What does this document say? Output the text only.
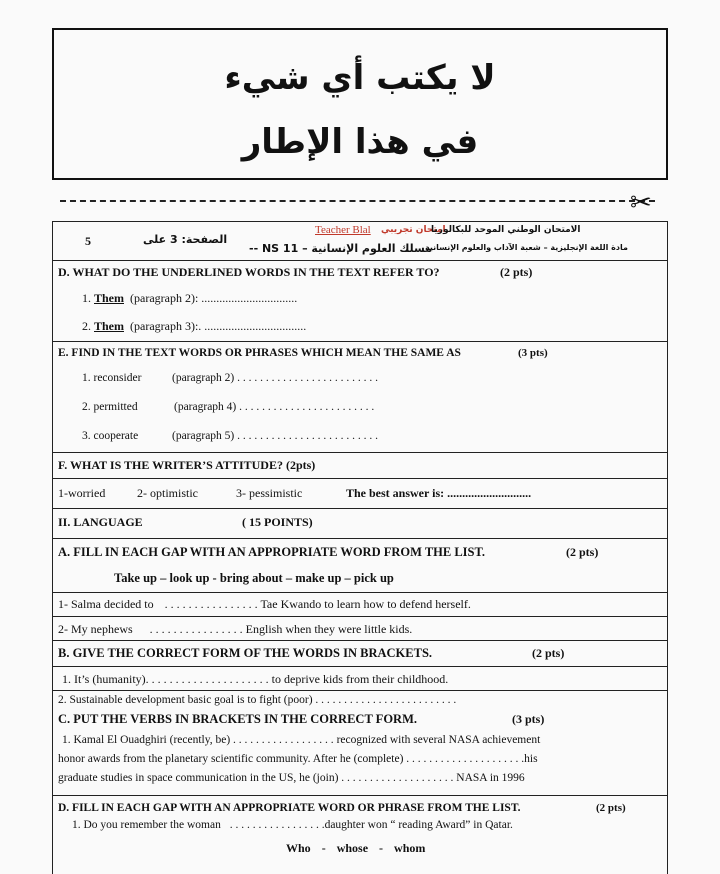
لا يكتب أي شيء
في هذا الإطار
✂
5	الصفحة: 3 على
Teacher Blal امتحان تجريبي
الامتحان الوطني الموحد للبكالوريا
مسلك العلوم الإنسانية – NS 11 --
مادة اللغة الإنجليزية – شعبة الآداب والعلوم الإنسانية
D. WHAT DO THE UNDERLINED WORDS IN THE TEXT REFER TO?	(2 pts)
1. Them (paragraph 2): ................................
2. Them (paragraph 3):. ..................................
E. FIND IN THE TEXT WORDS OR PHRASES WHICH MEAN THE SAME AS	(3 pts)
1. reconsider	(paragraph 2) . . . . . . . . . . . . . . . . . . . . . . . . .
2. permitted	(paragraph 4) . . . . . . . . . . . . . . . . . . . . . . . .
3. cooperate	(paragraph 5) . . . . . . . . . . . . . . . . . . . . . . . . .
F. WHAT IS THE WRITER’S ATTITUDE? (2pts)
1-worried	2- optimistic	3- pessimistic	The best answer is: ............................
II. LANGUAGE	( 15 POINTS)
A. FILL IN EACH GAP WITH AN APPROPRIATE WORD FROM THE LIST.	(2 pts)
Take up – look up - bring about – make up – pick up
1- Salma decided to . . . . . . . . . . . . . . . . Tae Kwando to learn how to defend herself.
2- My nephews . . . . . . . . . . . . . . . . English when they were little kids.
B. GIVE THE CORRECT FORM OF THE WORDS IN BRACKETS.	(2 pts)
1. It’s (humanity). . . . . . . . . . . . . . . . . . . . . to deprive kids from their childhood.
2. Sustainable development basic goal is to fight (poor) . . . . . . . . . . . . . . . . . . . . . . . . .
C. PUT THE VERBS IN BRACKETS IN THE CORRECT FORM.	(3 pts)
1. Kamal El Ouadghiri (recently, be) . . . . . . . . . . . . . . . . . . recognized with several NASA achievement
honor awards from the planetary scientific community. After he (complete) . . . . . . . . . . . . . . . . . . . . .his
graduate studies in space communication in the US, he (join) . . . . . . . . . . . . . . . . . . . . NASA in 1996
D. FILL IN EACH GAP WITH AN APPROPRIATE WORD OR PHRASE FROM THE LIST.	(2 pts)
1. Do you remember the woman . . . . . . . . . . . . . . . . .daughter won “ reading Award” in Qatar.
Who - whose - whom
